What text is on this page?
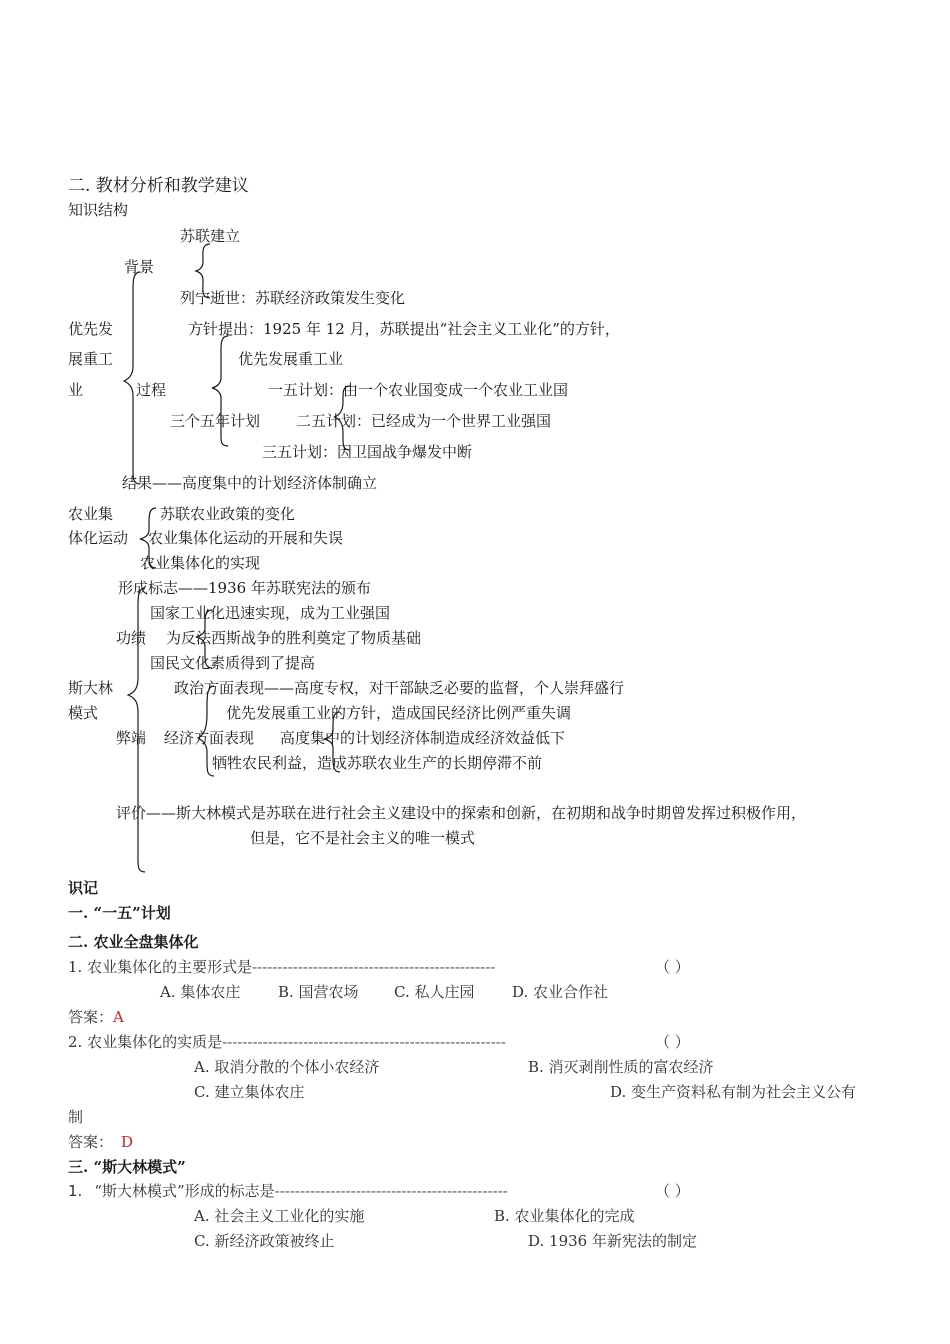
二. 教材分析和教学建议
知识结构
苏联建立
背景
列宁逝世：苏联经济政策发生变化
优先发
展重工
业
方针提出：1925 年 12 月，苏联提出“社会主义工业化”的方针，
优先发展重工业
过程	一五计划：由一个农业国变成一个农业工业国
三个五年计划 二五计划：已经成为一个世界工业强国
三五计划：因卫国战争爆发中断
结果——高度集中的计划经济体制确立
农业集
体化运动
苏联农业政策的变化
农业集体化运动的开展和失误
农业集体化的实现
形成标志——1936 年苏联宪法的颁布
国家工业化迅速实现，成为工业强国
功绩 为反法西斯战争的胜利奠定了物质基础
国民文化素质得到了提高
斯大林
模式
政治方面表现——高度专权，对干部缺乏必要的监督，个人崇拜盛行
优先发展重工业的方针，造成国民经济比例严重失调
弊端 经济方面表现 高度集中的计划经济体制造成经济效益低下
牺牲农民利益，造成苏联农业生产的长期停滞不前
评价——斯大林模式是苏联在进行社会主义建设中的探索和创新，在初期和战争时期曾发挥过积极作用，
但是，它不是社会主义的唯一模式
识记
一. “一五”计划
二. 农业全盘集体化
1. 农业集体化的主要形式是------------------------------------------------	（ ）
A. 集体农庄	B. 国营农场 C. 私人庄园	D. 农业合作社
答案：A
2. 农业集体化的实质是--------------------------------------------------------	（ ）
A. 取消分散的个体小农经济	B. 消灭剥削性质的富农经济
C. 建立集体农庄	D. 变生产资料私有制为社会主义公有
制
答案： D
三. “斯大林模式”
1. “斯大林模式”形成的标志是----------------------------------------------	（ ）
A. 社会主义工业化的实施	B. 农业集体化的完成
C. 新经济政策被终止	D. 1936 年新宪法的制定
